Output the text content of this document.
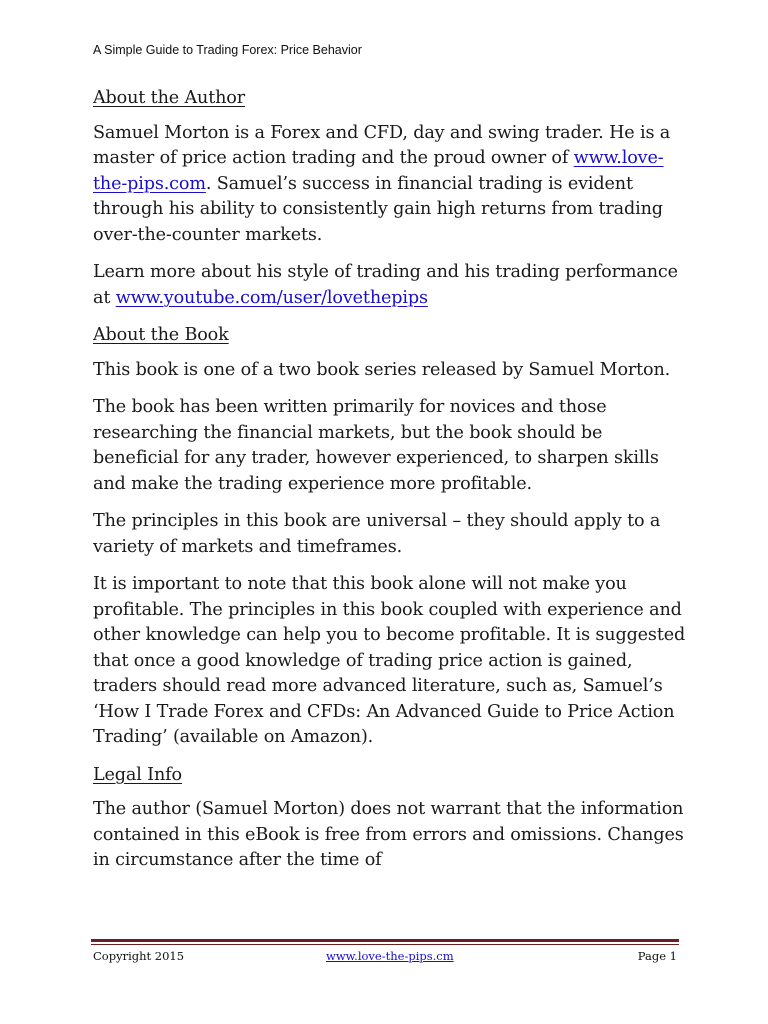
A Simple Guide to Trading Forex: Price Behavior
About the Author

Samuel Morton is a Forex and CFD, day and swing trader. He is a master of price action trading and the proud owner of www.love-the-pips.com. Samuel’s success in financial trading is evident through his ability to consistently gain high returns from trading over-the-counter markets.

Learn more about his style of trading and his trading performance at www.youtube.com/user/lovethepips

About the Book

This book is one of a two book series released by Samuel Morton.

The book has been written primarily for novices and those researching the financial markets, but the book should be beneficial for any trader, however experienced, to sharpen skills and make the trading experience more profitable.

The principles in this book are universal – they should apply to a variety of markets and timeframes.

It is important to note that this book alone will not make you profitable. The principles in this book coupled with experience and other knowledge can help you to become profitable. It is suggested that once a good knowledge of trading price action is gained, traders should read more advanced literature, such as, Samuel’s ‘How I Trade Forex and CFDs: An Advanced Guide to Price Action Trading’ (available on Amazon).

Legal Info

The author (Samuel Morton) does not warrant that the information contained in this eBook is free from errors and omissions. Changes in circumstance after the time of

Copyright 2015	www.love-the-pips.cm	Page 1
